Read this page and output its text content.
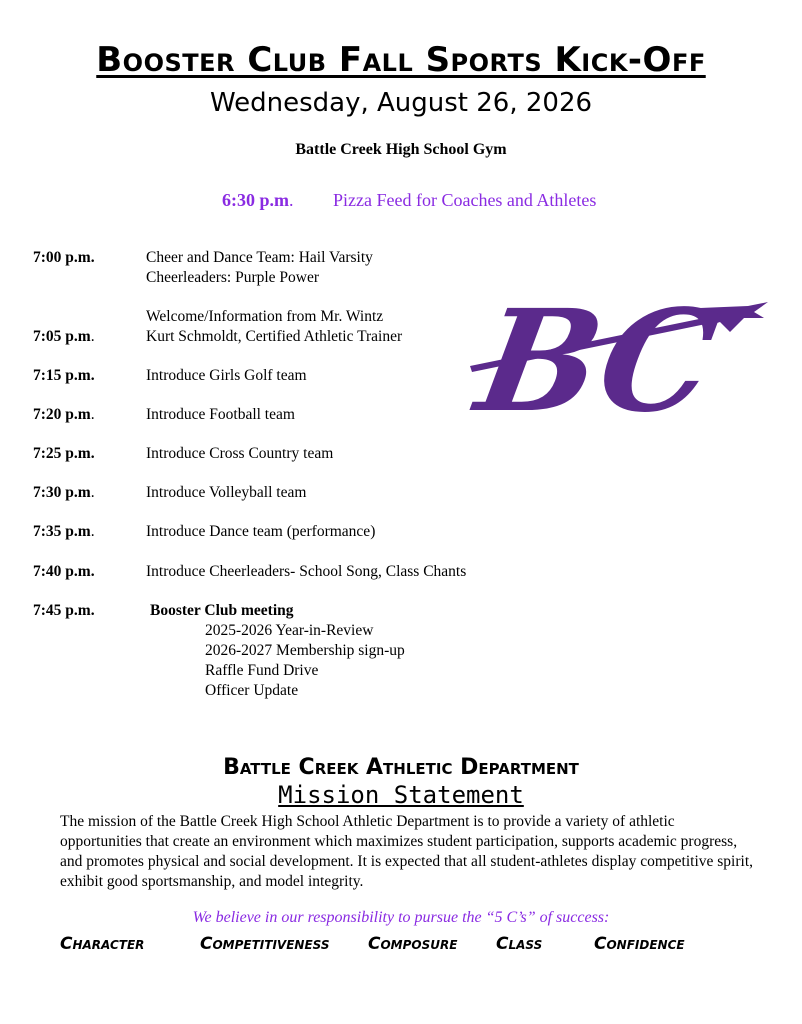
Booster Club Fall Sports Kick-Off
Wednesday, August 26, 2026
Battle Creek High School Gym
6:30 p.m. Pizza Feed for Coaches and Athletes
7:00 p.m.	Cheer and Dance Team: Hail Varsity
Cheerleaders: Purple Power
Welcome/Information from Mr. Wintz
7:05 p.m.	Kurt Schmoldt, Certified Athletic Trainer
7:15 p.m.	Introduce Girls Golf team
7:20 p.m.	Introduce Football team
7:25 p.m.	Introduce Cross Country team
7:30 p.m.	Introduce Volleyball team
7:35 p.m.	Introduce Dance team (performance)
7:40 p.m.	Introduce Cheerleaders- School Song, Class Chants
7:45 p.m.	Booster Club meeting
2025-2026 Year-in-Review
2026-2027 Membership sign-up
Raffle Fund Drive
Officer Update
BC
Battle Creek Athletic Department
Mission Statement
The mission of the Battle Creek High School Athletic Department is to provide a variety of athletic opportunities that create an environment which maximizes student participation, supports academic progress, and promotes physical and social development. It is expected that all student-athletes display competitive spirit, exhibit good sportsmanship, and model integrity.
We believe in our responsibility to pursue the “5 C’s” of success:
Character	Competitiveness Composure Class	Confidence
